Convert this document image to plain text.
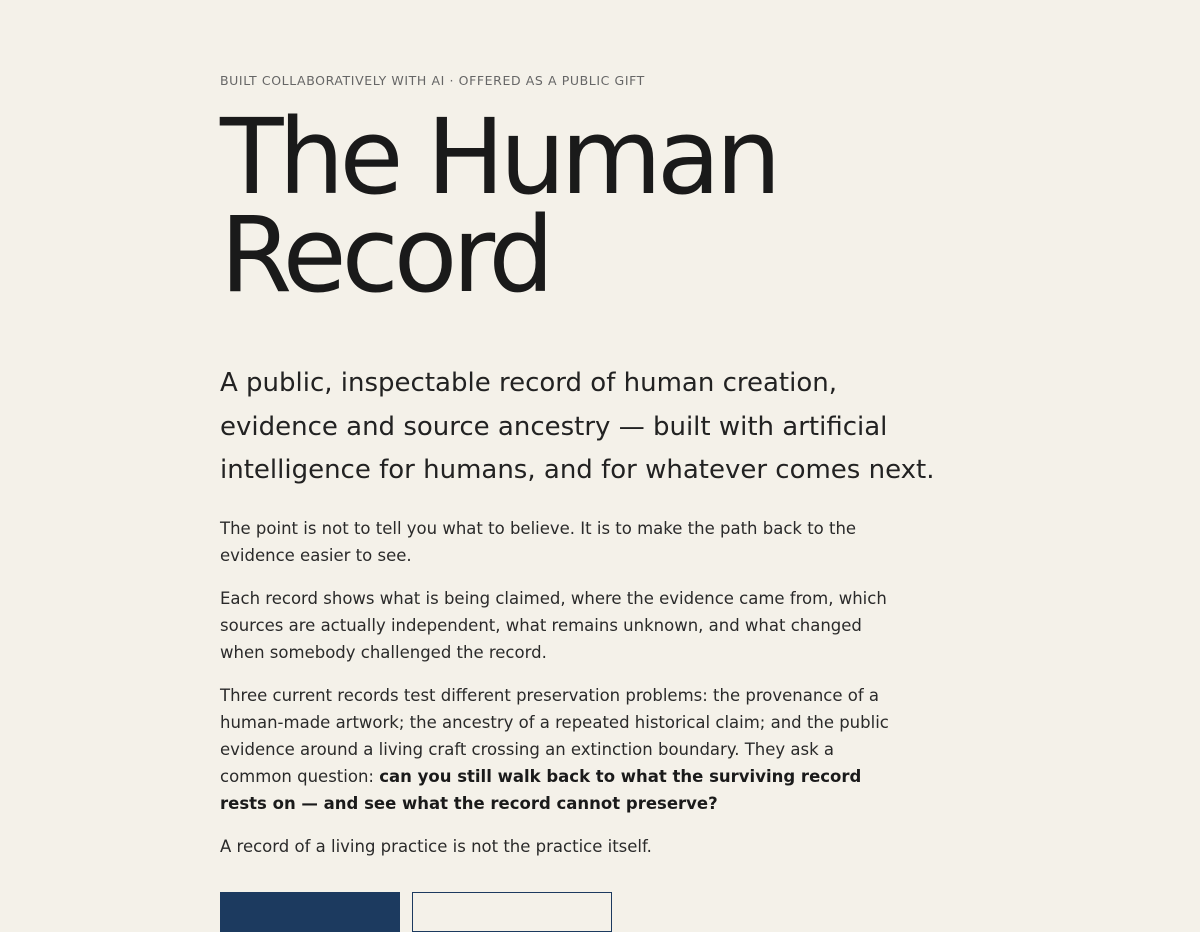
BUILT COLLABORATIVELY WITH AI · OFFERED AS A PUBLIC GIFT
The Human
Record

A public, inspectable record of human creation, evidence and source ancestry — built with artificial intelligence for humans, and for whatever comes next.

The point is not to tell you what to believe. It is to make the path back to the evidence easier to see.

Each record shows what is being claimed, where the evidence came from, which sources are actually independent, what remains unknown, and what changed when somebody challenged the record.

Three current records test different preservation problems: the provenance of a human-made artwork; the ancestry of a repeated historical claim; and the public evidence around a living craft crossing an extinction boundary. They ask a common question: can you still walk back to what the surviving record rests on — and see what the record cannot preserve?

A record of a living practice is not the practice itself.
